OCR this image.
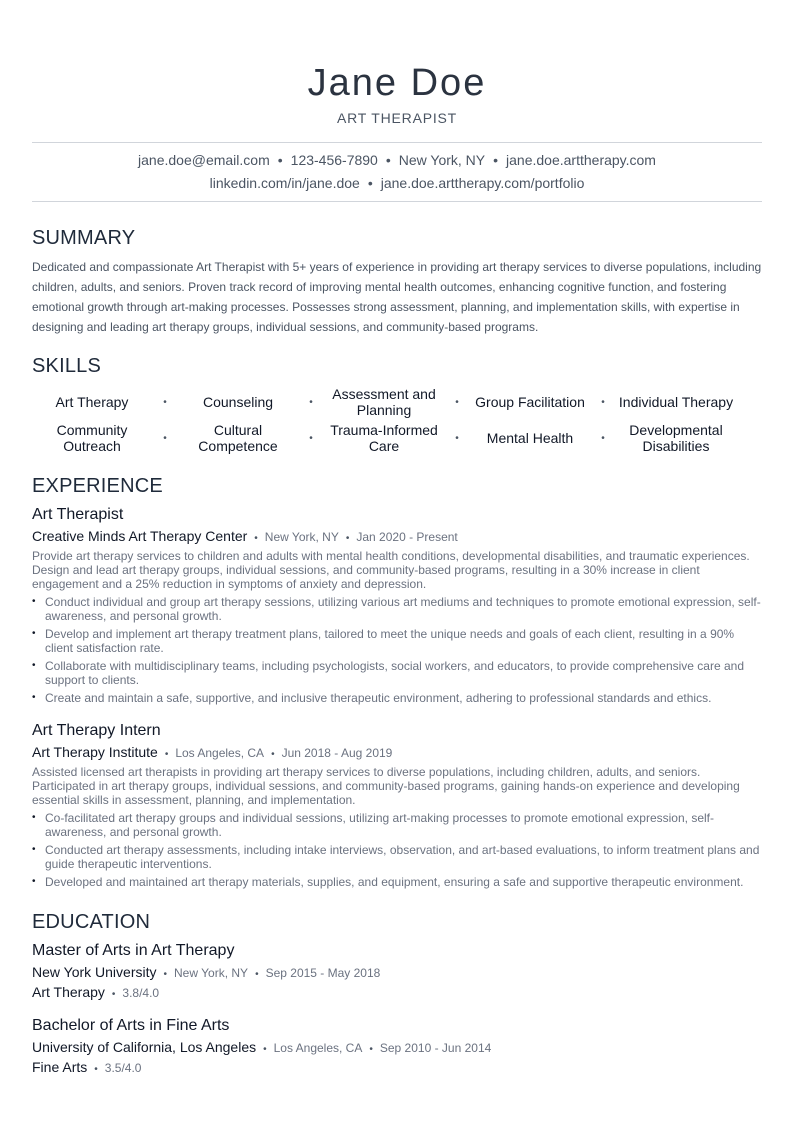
Jane Doe
ART THERAPIST
jane.doe@email.com • 123-456-7890 • New York, NY • jane.doe.arttherapy.com
linkedin.com/in/jane.doe • jane.doe.arttherapy.com/portfolio
SUMMARY
Dedicated and compassionate Art Therapist with 5+ years of experience in providing art therapy services to diverse populations, including children, adults, and seniors. Proven track record of improving mental health outcomes, enhancing cognitive function, and fostering emotional growth through art-making processes. Possesses strong assessment, planning, and implementation skills, with expertise in designing and leading art therapy groups, individual sessions, and community-based programs.
SKILLS
Art Therapy	•	Counseling	•	Assessment and Planning	•	Group Facilitation	•	Individual Therapy
Community Outreach	•	Cultural Competence	•	Trauma-Informed Care	•	Mental Health	•	Developmental Disabilities
EXPERIENCE
Art Therapist
Creative Minds Art Therapy Center • New York, NY • Jan 2020 - Present
Provide art therapy services to children and adults with mental health conditions, developmental disabilities, and traumatic experiences. Design and lead art therapy groups, individual sessions, and community-based programs, resulting in a 30% increase in client engagement and a 25% reduction in symptoms of anxiety and depression.
• Conduct individual and group art therapy sessions, utilizing various art mediums and techniques to promote emotional expression, self-awareness, and personal growth.
• Develop and implement art therapy treatment plans, tailored to meet the unique needs and goals of each client, resulting in a 90% client satisfaction rate.
• Collaborate with multidisciplinary teams, including psychologists, social workers, and educators, to provide comprehensive care and support to clients.
• Create and maintain a safe, supportive, and inclusive therapeutic environment, adhering to professional standards and ethics.
Art Therapy Intern
Art Therapy Institute • Los Angeles, CA • Jun 2018 - Aug 2019
Assisted licensed art therapists in providing art therapy services to diverse populations, including children, adults, and seniors. Participated in art therapy groups, individual sessions, and community-based programs, gaining hands-on experience and developing essential skills in assessment, planning, and implementation.
• Co-facilitated art therapy groups and individual sessions, utilizing art-making processes to promote emotional expression, self-awareness, and personal growth.
• Conducted art therapy assessments, including intake interviews, observation, and art-based evaluations, to inform treatment plans and guide therapeutic interventions.
• Developed and maintained art therapy materials, supplies, and equipment, ensuring a safe and supportive therapeutic environment.
EDUCATION
Master of Arts in Art Therapy
New York University • New York, NY • Sep 2015 - May 2018
Art Therapy • 3.8/4.0
Bachelor of Arts in Fine Arts
University of California, Los Angeles • Los Angeles, CA • Sep 2010 - Jun 2014
Fine Arts • 3.5/4.0
